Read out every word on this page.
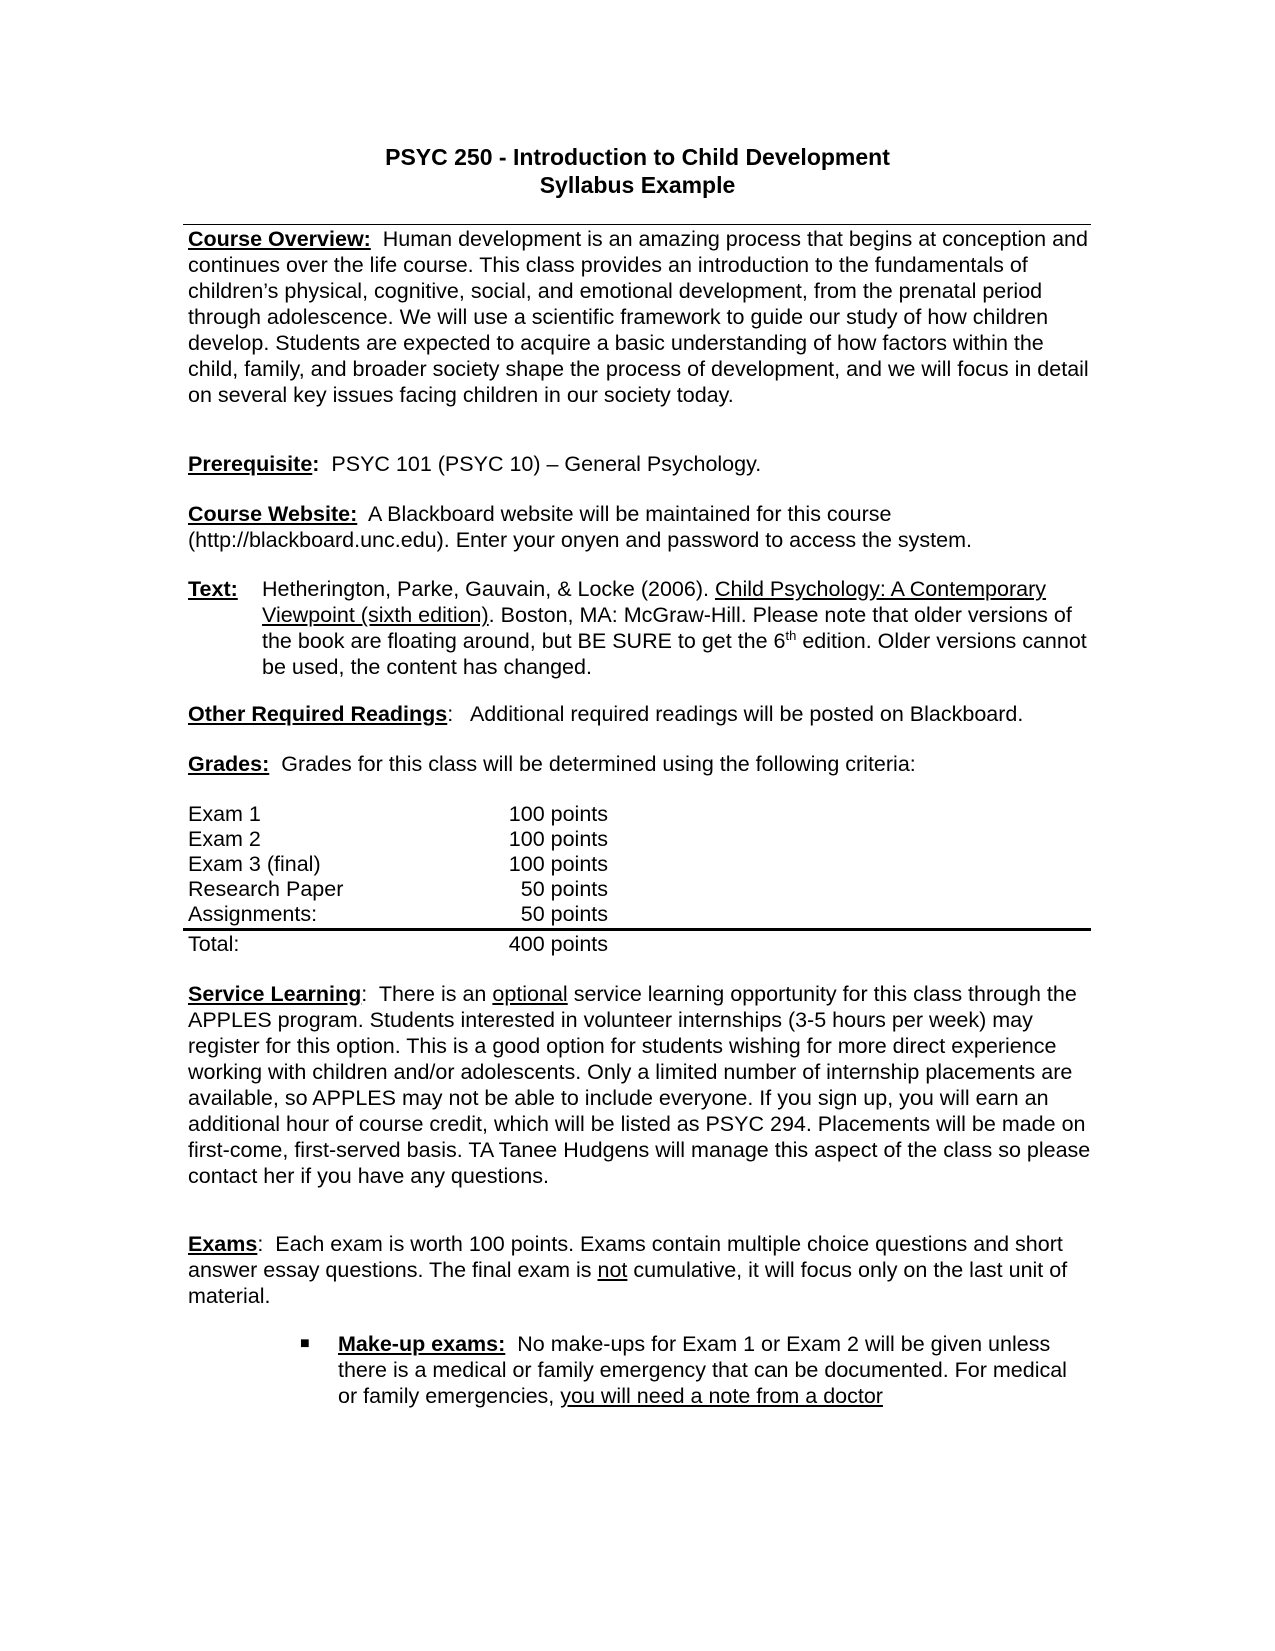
PSYC 250 - Introduction to Child Development
Syllabus Example

Course Overview: Human development is an amazing process that begins at conception and continues over the life course. This class provides an introduction to the fundamentals of children’s physical, cognitive, social, and emotional development, from the prenatal period through adolescence. We will use a scientific framework to guide our study of how children develop. Students are expected to acquire a basic understanding of how factors within the child, family, and broader society shape the process of development, and we will focus in detail on several key issues facing children in our society today.

Prerequisite: PSYC 101 (PSYC 10) – General Psychology.

Course Website: A Blackboard website will be maintained for this course (http://blackboard.unc.edu). Enter your onyen and password to access the system.

Text: Hetherington, Parke, Gauvain, & Locke (2006). Child Psychology: A Contemporary Viewpoint (sixth edition). Boston, MA: McGraw-Hill. Please note that older versions of the book are floating around, but BE SURE to get the 6th edition. Older versions cannot be used, the content has changed.

Other Required Readings: Additional required readings will be posted on Blackboard.

Grades: Grades for this class will be determined using the following criteria:

Exam 1	100 points
Exam 2	100 points
Exam 3 (final)	100 points
Research Paper	50 points
Assignments:	50 points
Total:	400 points

Service Learning: There is an optional service learning opportunity for this class through the APPLES program. Students interested in volunteer internships (3-5 hours per week) may register for this option. This is a good option for students wishing for more direct experience working with children and/or adolescents. Only a limited number of internship placements are available, so APPLES may not be able to include everyone. If you sign up, you will earn an additional hour of course credit, which will be listed as PSYC 294. Placements will be made on first-come, first-served basis. TA Tanee Hudgens will manage this aspect of the class so please contact her if you have any questions.

Exams: Each exam is worth 100 points. Exams contain multiple choice questions and short answer essay questions. The final exam is not cumulative, it will focus only on the last unit of material.

■ Make-up exams: No make-ups for Exam 1 or Exam 2 will be given unless there is a medical or family emergency that can be documented. For medical or family emergencies, you will need a note from a doctor
